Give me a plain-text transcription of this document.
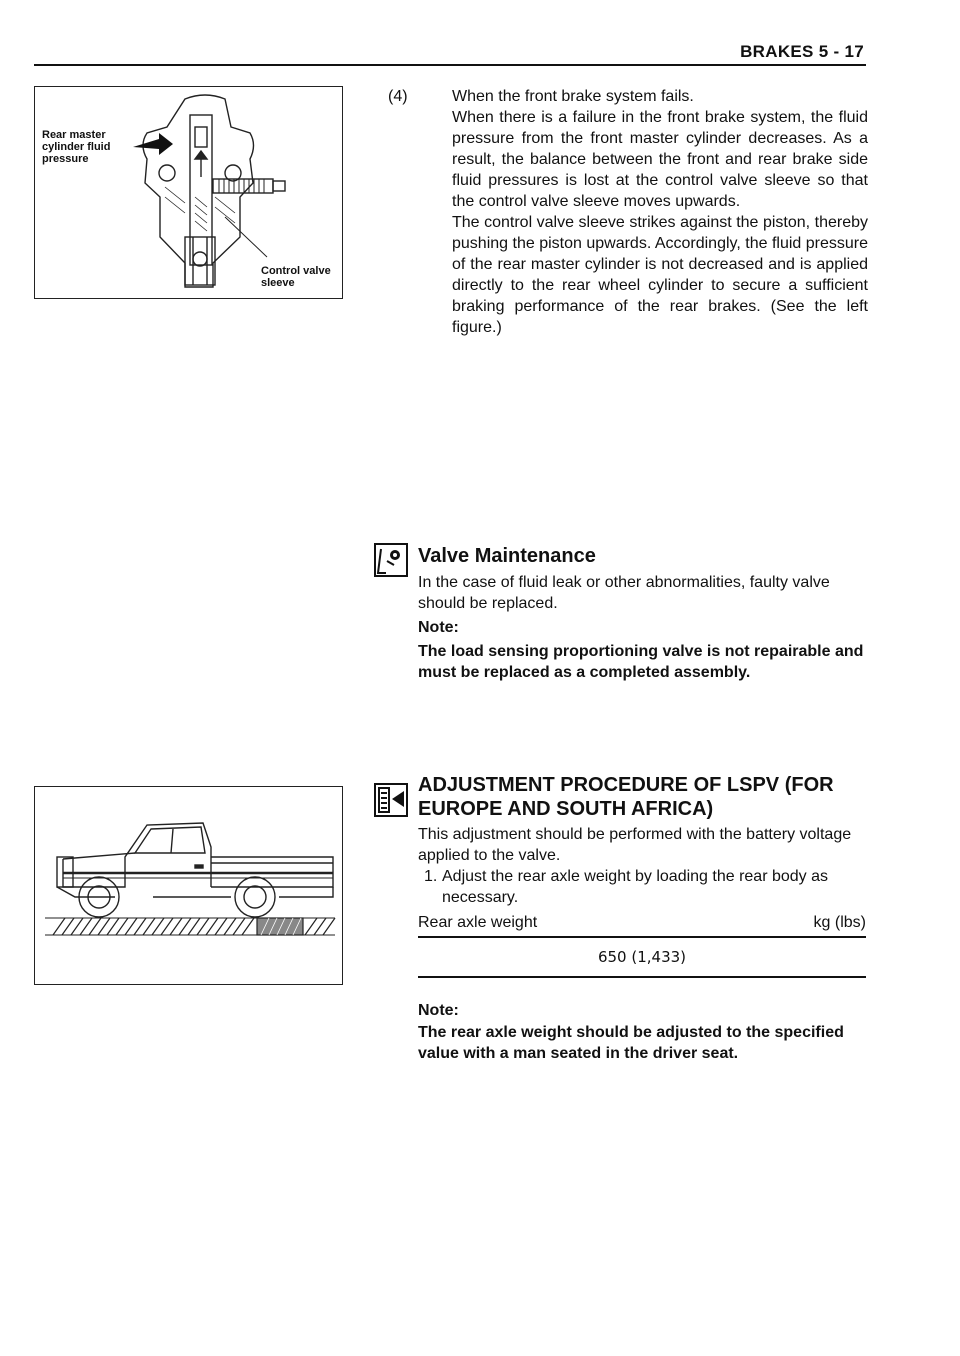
BRAKES 5 - 17
Rear master
cylinder fluid
pressure
Control valve
sleeve
(4)	When the front brake system fails.

When there is a failure in the front brake system, the fluid pressure from the front master cylinder decreases. As a result, the balance between the front and rear brake side fluid pressures is lost at the control valve sleeve so that the control valve sleeve moves upwards.

The control valve sleeve strikes against the piston, thereby pushing the piston upwards. Accordingly, the fluid pressure of the rear master cylinder is not decreased and is applied directly to the rear wheel cylinder to secure a sufficient braking performance of the rear brakes. (See the left figure.)

Valve Maintenance
In the case of fluid leak or other abnormalities, faulty valve should be replaced.
Note:
The load sensing proportioning valve is not repairable and must be replaced as a completed assembly.
ADJUSTMENT PROCEDURE OF LSPV (FOR
EUROPE AND SOUTH AFRICA)
This adjustment should be performed with the battery voltage applied to the valve.
1. Adjust the rear axle weight by loading the rear body as necessary.
Rear axle weight	kg (lbs)
650 (1,433)
Note:
The rear axle weight should be adjusted to the specified value with a man seated in the driver seat.
